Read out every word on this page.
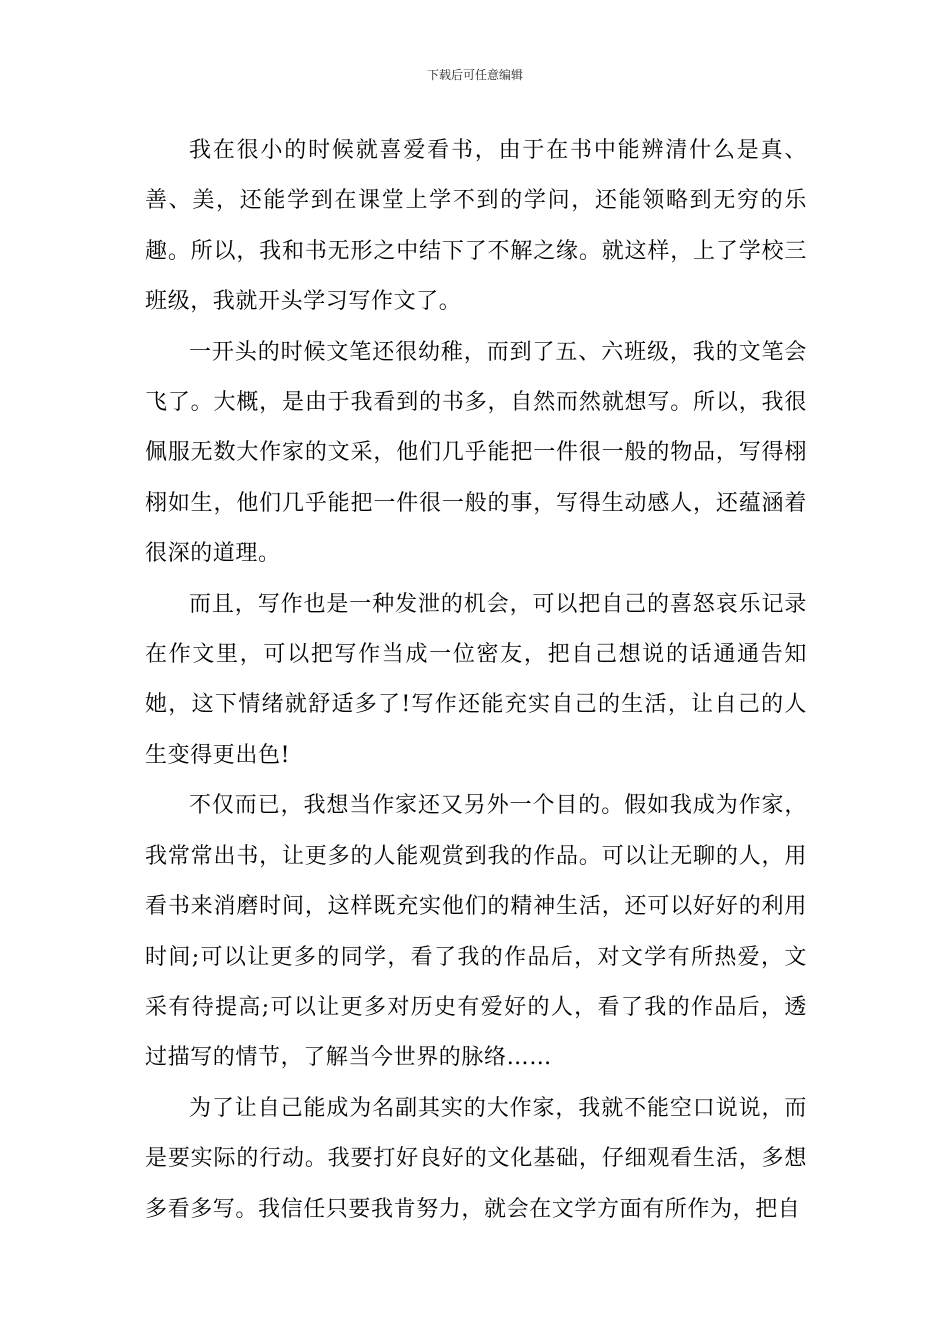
下载后可任意编辑

我在很小的时候就喜爱看书，由于在书中能辨清什么是真、善、美，还能学到在课堂上学不到的学问，还能领略到无穷的乐趣。所以，我和书无形之中结下了不解之缘。就这样，上了学校三班级，我就开头学习写作文了。

一开头的时候文笔还很幼稚，而到了五、六班级，我的文笔会飞了。大概，是由于我看到的书多，自然而然就想写。所以，我很佩服无数大作家的文采，他们几乎能把一件很一般的物品，写得栩栩如生，他们几乎能把一件很一般的事，写得生动感人，还蕴涵着很深的道理。

而且，写作也是一种发泄的机会，可以把自己的喜怒哀乐记录在作文里，可以把写作当成一位密友，把自己想说的话通通告知她，这下情绪就舒适多了!写作还能充实自己的生活，让自己的人生变得更出色!

不仅而已，我想当作家还又另外一个目的。假如我成为作家，我常常出书，让更多的人能观赏到我的作品。可以让无聊的人，用看书来消磨时间，这样既充实他们的精神生活，还可以好好的利用时间;可以让更多的同学，看了我的作品后，对文学有所热爱，文采有待提高;可以让更多对历史有爱好的人，看了我的作品后，透过描写的情节，了解当今世界的脉络……

为了让自己能成为名副其实的大作家，我就不能空口说说，而是要实际的行动。我要打好良好的文化基础，仔细观看生活，多想多看多写。我信任只要我肯努力，就会在文学方面有所作为，把自
